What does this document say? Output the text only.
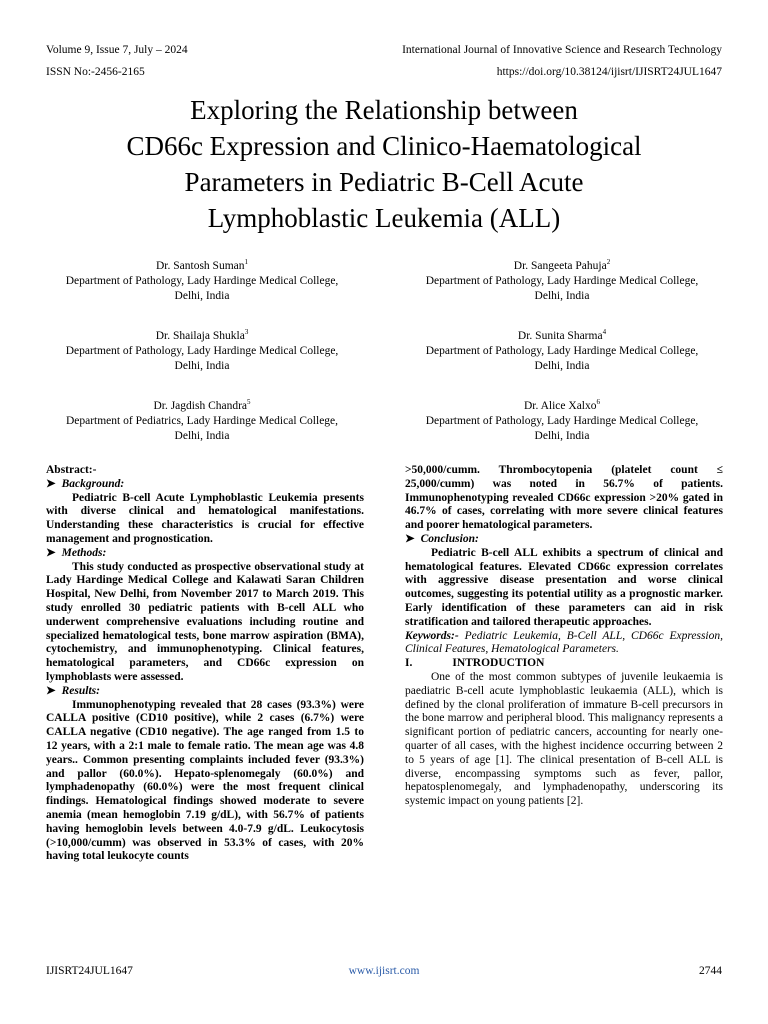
Volume 9, Issue 7, July – 2024	International Journal of Innovative Science and Research Technology
ISSN No:-2456-2165	https://doi.org/10.38124/ijisrt/IJISRT24JUL1647
Exploring the Relationship between
CD66c Expression and Clinico-Haematological
Parameters in Pediatric B-Cell Acute
Lymphoblastic Leukemia (ALL)
Dr. Santosh Suman$^1$
Department of Pathology, Lady Hardinge Medical College,
Delhi, India
Dr. Sangeeta Pahuja$^2$
Department of Pathology, Lady Hardinge Medical College,
Delhi, India
Dr. Shailaja Shukla$^3$
Department of Pathology, Lady Hardinge Medical College,
Delhi, India
Dr. Sunita Sharma$^4$
Department of Pathology, Lady Hardinge Medical College,
Delhi, India
Dr. Jagdish Chandra$^5$
Department of Pediatrics, Lady Hardinge Medical College,
Delhi, India
Dr. Alice Xalxo$^6$
Department of Pathology, Lady Hardinge Medical College,
Delhi, India

Abstract:-

➤ Background:

Pediatric B-cell Acute Lymphoblastic Leukemia presents with diverse clinical and hematological manifestations. Understanding these characteristics is crucial for effective management and prognostication.

➤ Methods:

This study conducted as prospective observational study at Lady Hardinge Medical College and Kalawati Saran Children Hospital, New Delhi, from November 2017 to March 2019. This study enrolled 30 pediatric patients with B-cell ALL who underwent comprehensive evaluations including routine and specialized hematological tests, bone marrow aspiration (BMA), cytochemistry, and immunophenotyping. Clinical features, hematological parameters, and CD66c expression on lymphoblasts were assessed.

➤ Results:

Immunophenotyping revealed that 28 cases (93.3%) were CALLA positive (CD10 positive), while 2 cases (6.7%) were CALLA negative (CD10 negative). The age ranged from 1.5 to 12 years, with a 2:1 male to female ratio. The mean age was 4.8 years.. Common presenting complaints included fever (93.3%) and pallor (60.0%). Hepato-splenomegaly (60.0%) and lymphadenopathy (60.0%) were the most frequent clinical findings. Hematological findings showed moderate to severe anemia (mean hemoglobin 7.19 g/dL), with 56.7% of patients having hemoglobin levels between 4.0-7.9 g/dL. Leukocytosis (>10,000/cumm) was observed in 53.3% of cases, with 20% having total leukocyte counts

>50,000/cumm. Thrombocytopenia (platelet count ≤ 25,000/cumm) was noted in 56.7% of patients. Immunophenotyping revealed CD66c expression >20% gated in 46.7% of cases, correlating with more severe clinical features and poorer hematological parameters.

➤ Conclusion:

Pediatric B-cell ALL exhibits a spectrum of clinical and hematological features. Elevated CD66c expression correlates with aggressive disease presentation and worse clinical outcomes, suggesting its potential utility as a prognostic marker. Early identification of these parameters can aid in risk stratification and tailored therapeutic approaches.

Keywords:- Pediatric Leukemia, B-Cell ALL, CD66c Expression, Clinical Features, Hematological Parameters.

I.	INTRODUCTION

One of the most common subtypes of juvenile leukaemia is paediatric B-cell acute lymphoblastic leukaemia (ALL), which is defined by the clonal proliferation of immature B-cell precursors in the bone marrow and peripheral blood. This malignancy represents a significant portion of pediatric cancers, accounting for nearly one-quarter of all cases, with the highest incidence occurring between 2 to 5 years of age [1]. The clinical presentation of B-cell ALL is diverse, encompassing symptoms such as fever, pallor, hepatosplenomegaly, and lymphadenopathy, underscoring its systemic impact on young patients [2].

IJISRT24JUL1647	www.ijisrt.com	2744
